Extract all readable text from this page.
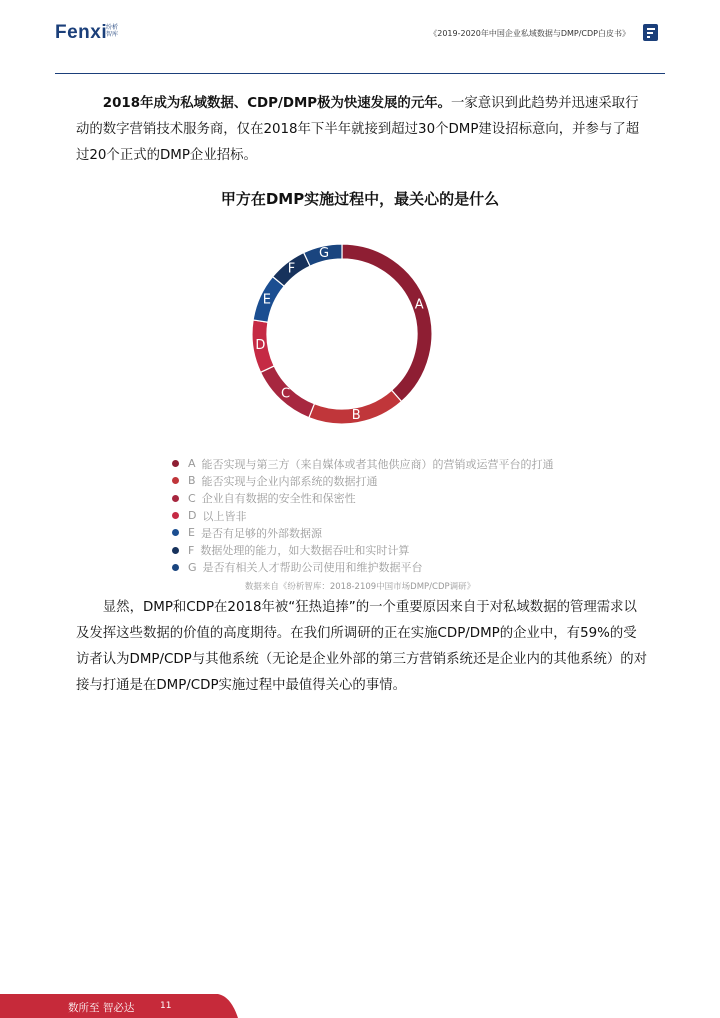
Fenxi
纷析 智库	《2019-2020年中国企业私域数据与DMP/CDP白皮书》

2018年成为私域数据、CDP/DMP极为快速发展的元年。一家意识到此趋势并迅速采取行动的数字营销技术服务商，仅在2018年下半年就接到超过30个DMP建设招标意向，并参与了超过20个正式的DMP企业招标。

甲方在DMP实施过程中，最关心的是什么
A
B
C
D
E
F
G
A 能否实现与第三方（来自媒体或者其他供应商）的营销或运营平台的打通
B 能否实现与企业内部系统的数据打通
C 企业自有数据的安全性和保密性
D 以上皆非
E 是否有足够的外部数据源
F 数据处理的能力，如大数据吞吐和实时计算
G 是否有相关人才帮助公司使用和维护数据平台
数据来自《纷析智库：2018-2109中国市场DMP/CDP调研》

显然，DMP和CDP在2018年被“狂热追捧”的一个重要原因来自于对私域数据的管理需求以及发挥这些数据的价值的高度期待。在我们所调研的正在实施CDP/DMP的企业中，有59%的受访者认为DMP/CDP与其他系统（无论是企业外部的第三方营销系统还是企业内的其他系统）的对接与打通是在DMP/CDP实施过程中最值得关心的事情。

数所至 智必达	11
